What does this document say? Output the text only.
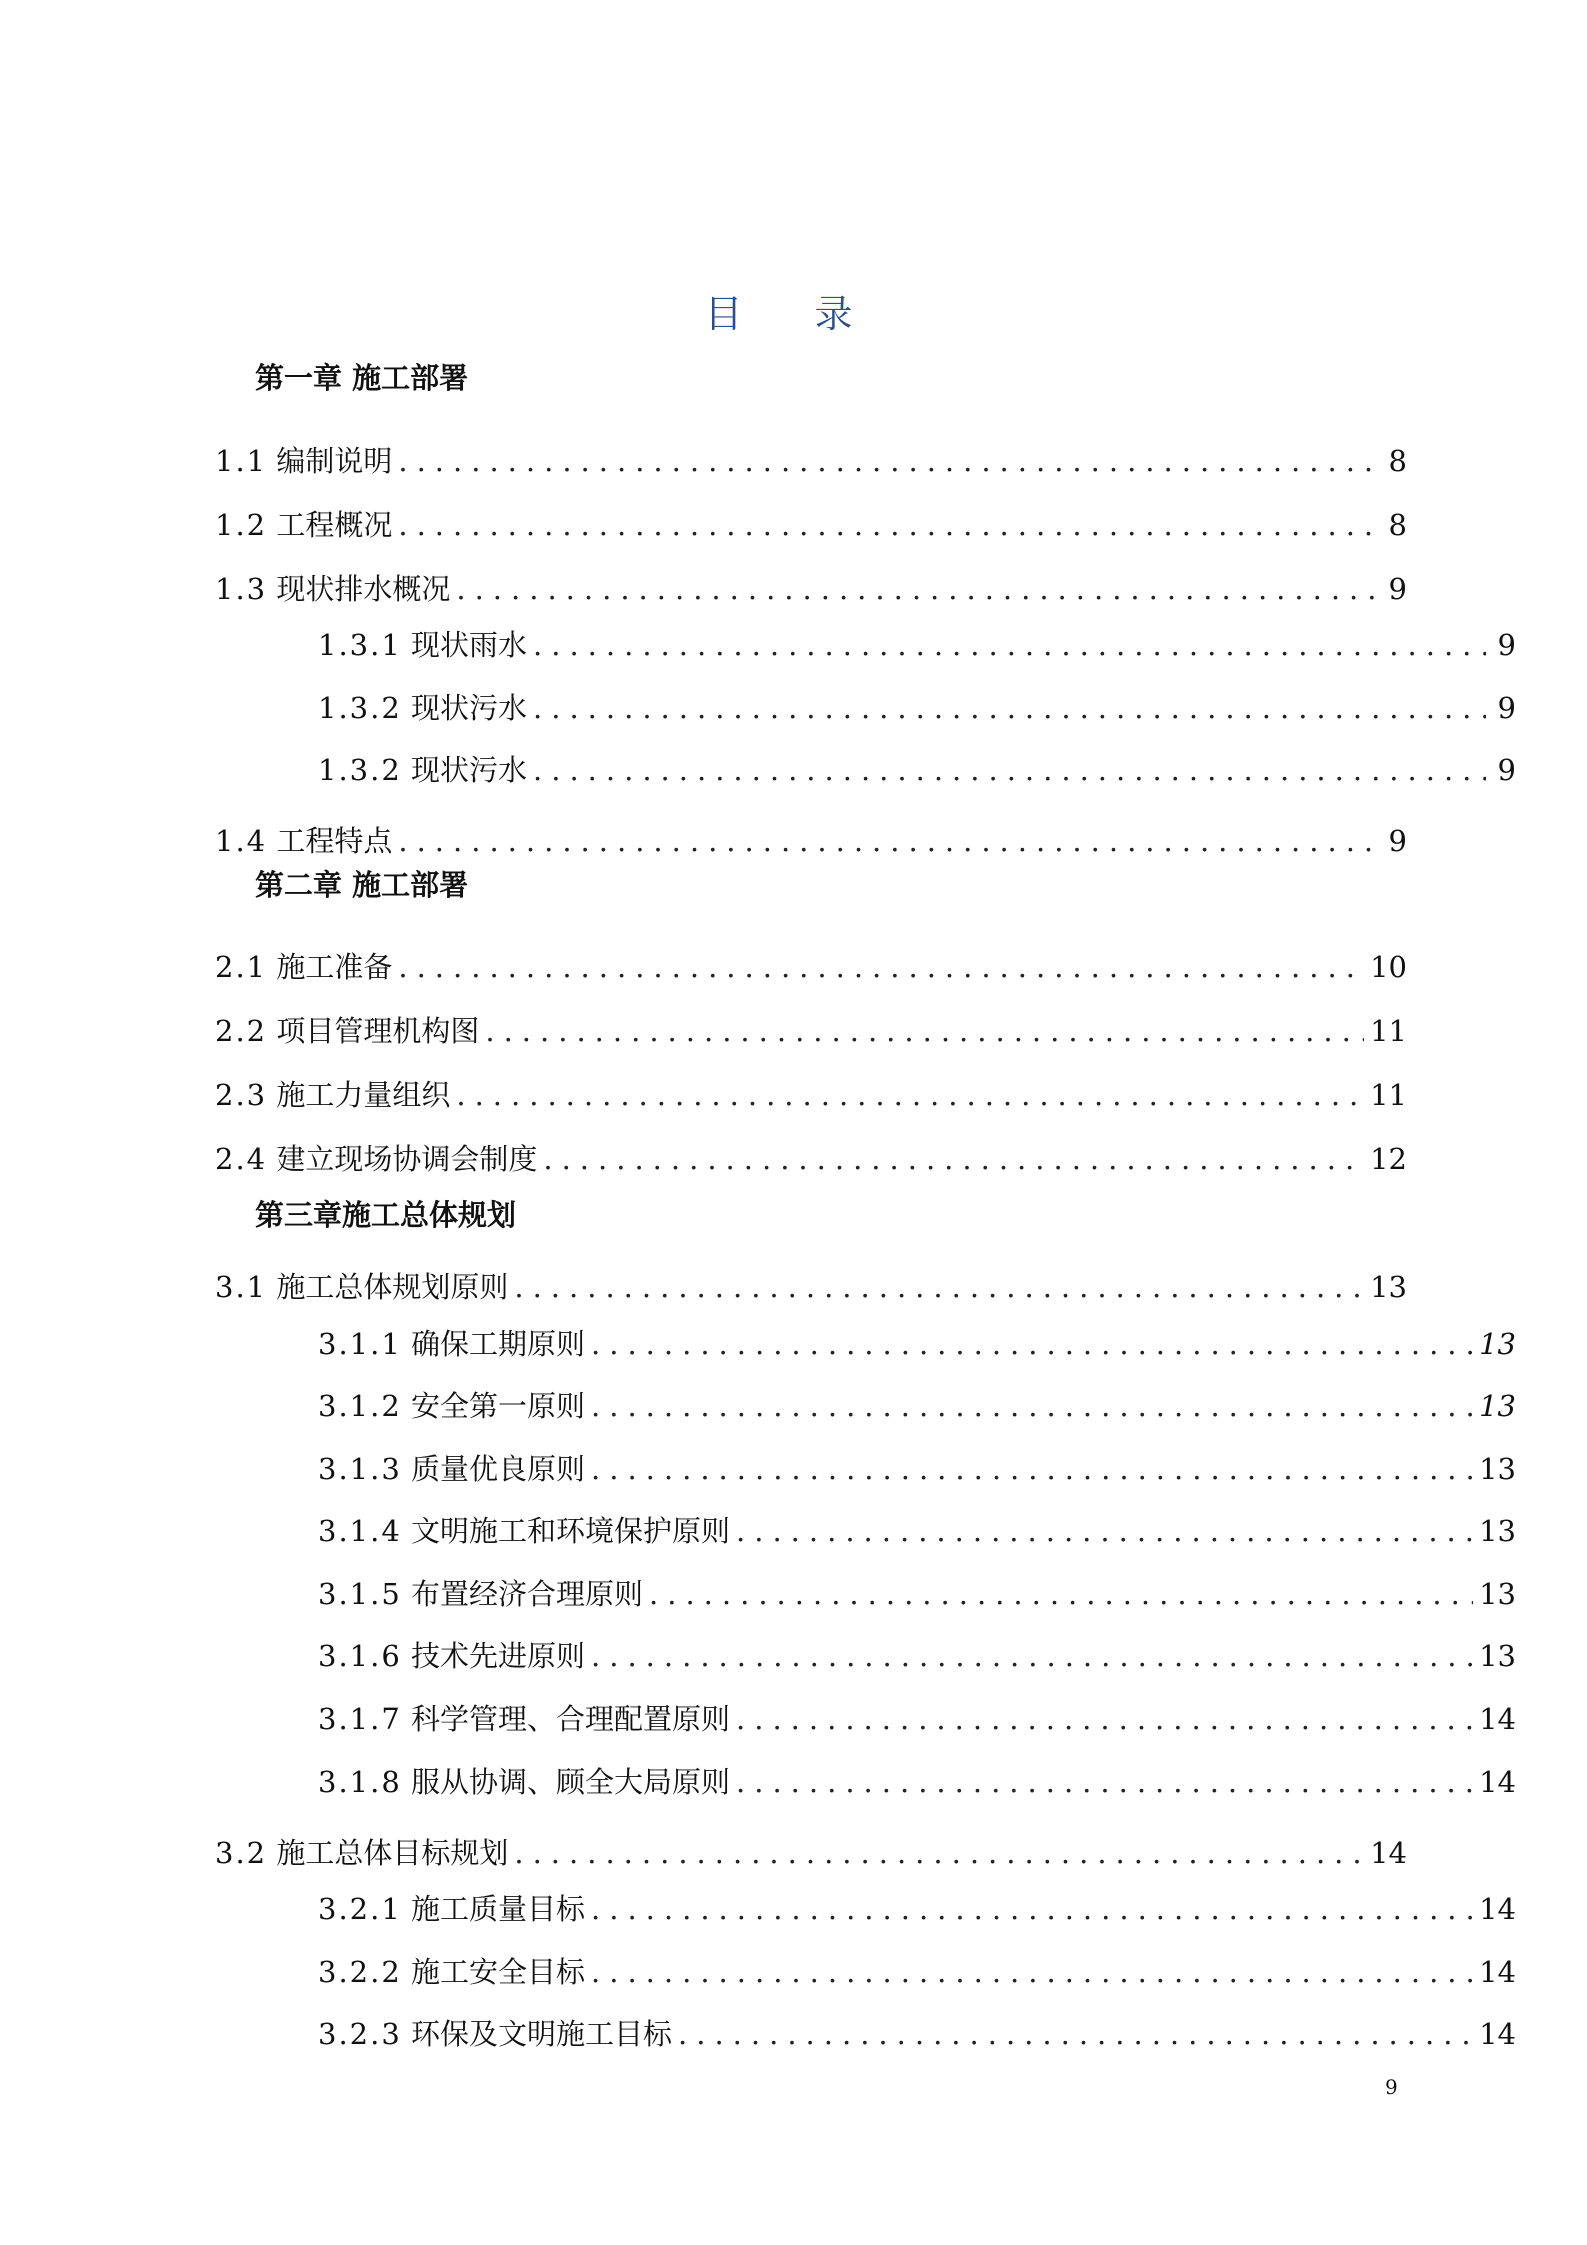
目 录
第一章 施工部署
1.1 编制说明 .....	8
1.2 工程概况 .....	8
1.3 现状排水概况 .....	9
1.3.1 现状雨水 .....	9
1.3.2 现状污水 .....	9
1.3.2 现状污水 .....	9
1.4 工程特点 .....	9
第二章 施工部署
2.1 施工准备 .....	10
2.2 项目管理机构图 .....	11
2.3 施工力量组织 .....	11
2.4 建立现场协调会制度 .....	12
第三章施工总体规划
3.1 施工总体规划原则 .....	13
3.1.1 确保工期原则 .....	13
3.1.2 安全第一原则 .....	13
3.1.3 质量优良原则 .....	13
3.1.4 文明施工和环境保护原则 .....	13
3.1.5 布置经济合理原则 .....	13
3.1.6 技术先进原则 .....	13
3.1.7 科学管理、合理配置原则 .....	14
3.1.8 服从协调、顾全大局原则 .....	14
3.2 施工总体目标规划 .....	14
3.2.1 施工质量目标 .....	14
3.2.2 施工安全目标 .....	14
3.2.3 环保及文明施工目标 .....	14
9
